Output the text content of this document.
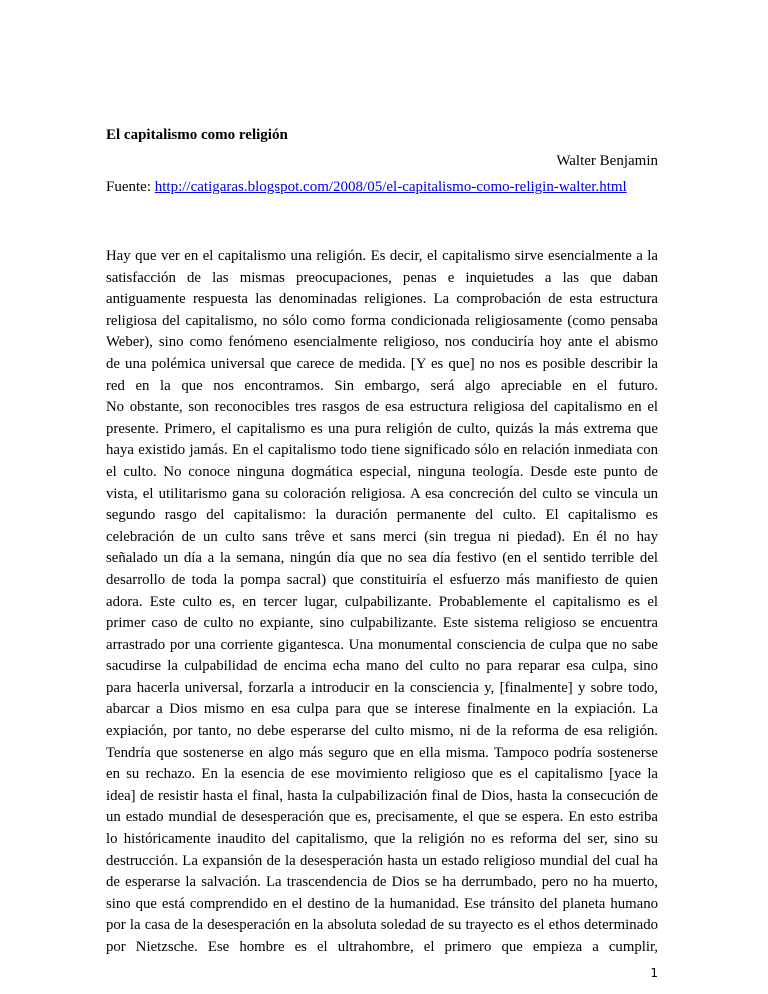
El capitalismo como religión
Walter Benjamin
Fuente: http://catigaras.blogspot.com/2008/05/el-capitalismo-como-religin-walter.html
Hay que ver en el capitalismo una religión. Es decir, el capitalismo sirve esencialmente a la
satisfacción de las mismas preocupaciones, penas e inquietudes a las que daban
antiguamente respuesta las denominadas religiones. La comprobación de esta estructura
religiosa del capitalismo, no sólo como forma condicionada religiosamente (como pensaba
Weber), sino como fenómeno esencialmente religioso, nos conduciría hoy ante el abismo
de una polémica universal que carece de medida. [Y es que] no nos es posible describir la
red en la que nos encontramos. Sin embargo, será algo apreciable en el futuro.
No obstante, son reconocibles tres rasgos de esa estructura religiosa del capitalismo en el
presente. Primero, el capitalismo es una pura religión de culto, quizás la más extrema que
haya existido jamás. En el capitalismo todo tiene significado sólo en relación inmediata con
el culto. No conoce ninguna dogmática especial, ninguna teología. Desde este punto de
vista, el utilitarismo gana su coloración religiosa. A esa concreción del culto se vincula un
segundo rasgo del capitalismo: la duración permanente del culto. El capitalismo es
celebración de un culto sans trêve et sans merci (sin tregua ni piedad). En él no hay
señalado un día a la semana, ningún día que no sea día festivo (en el sentido terrible del
desarrollo de toda la pompa sacral) que constituiría el esfuerzo más manifiesto de quien
adora. Este culto es, en tercer lugar, culpabilizante. Probablemente el capitalismo es el
primer caso de culto no expiante, sino culpabilizante. Este sistema religioso se encuentra
arrastrado por una corriente gigantesca. Una monumental consciencia de culpa que no sabe
sacudirse la culpabilidad de encima echa mano del culto no para reparar esa culpa, sino
para hacerla universal, forzarla a introducir en la consciencia y, [finalmente] y sobre todo,
abarcar a Dios mismo en esa culpa para que se interese finalmente en la expiación. La
expiación, por tanto, no debe esperarse del culto mismo, ni de la reforma de esa religión.
Tendría que sostenerse en algo más seguro que en ella misma. Tampoco podría sostenerse
en su rechazo. En la esencia de ese movimiento religioso que es el capitalismo [yace la
idea] de resistir hasta el final, hasta la culpabilización final de Dios, hasta la consecución de
un estado mundial de desesperación que es, precisamente, el que se espera. En esto estriba
lo históricamente inaudito del capitalismo, que la religión no es reforma del ser, sino su
destrucción. La expansión de la desesperación hasta un estado religioso mundial del cual ha
de esperarse la salvación. La trascendencia de Dios se ha derrumbado, pero no ha muerto,
sino que está comprendido en el destino de la humanidad. Ese tránsito del planeta humano
por la casa de la desesperación en la absoluta soledad de su trayecto es el ethos determinado
por Nietzsche. Ese hombre es el ultrahombre, el primero que empieza a cumplir,
1
